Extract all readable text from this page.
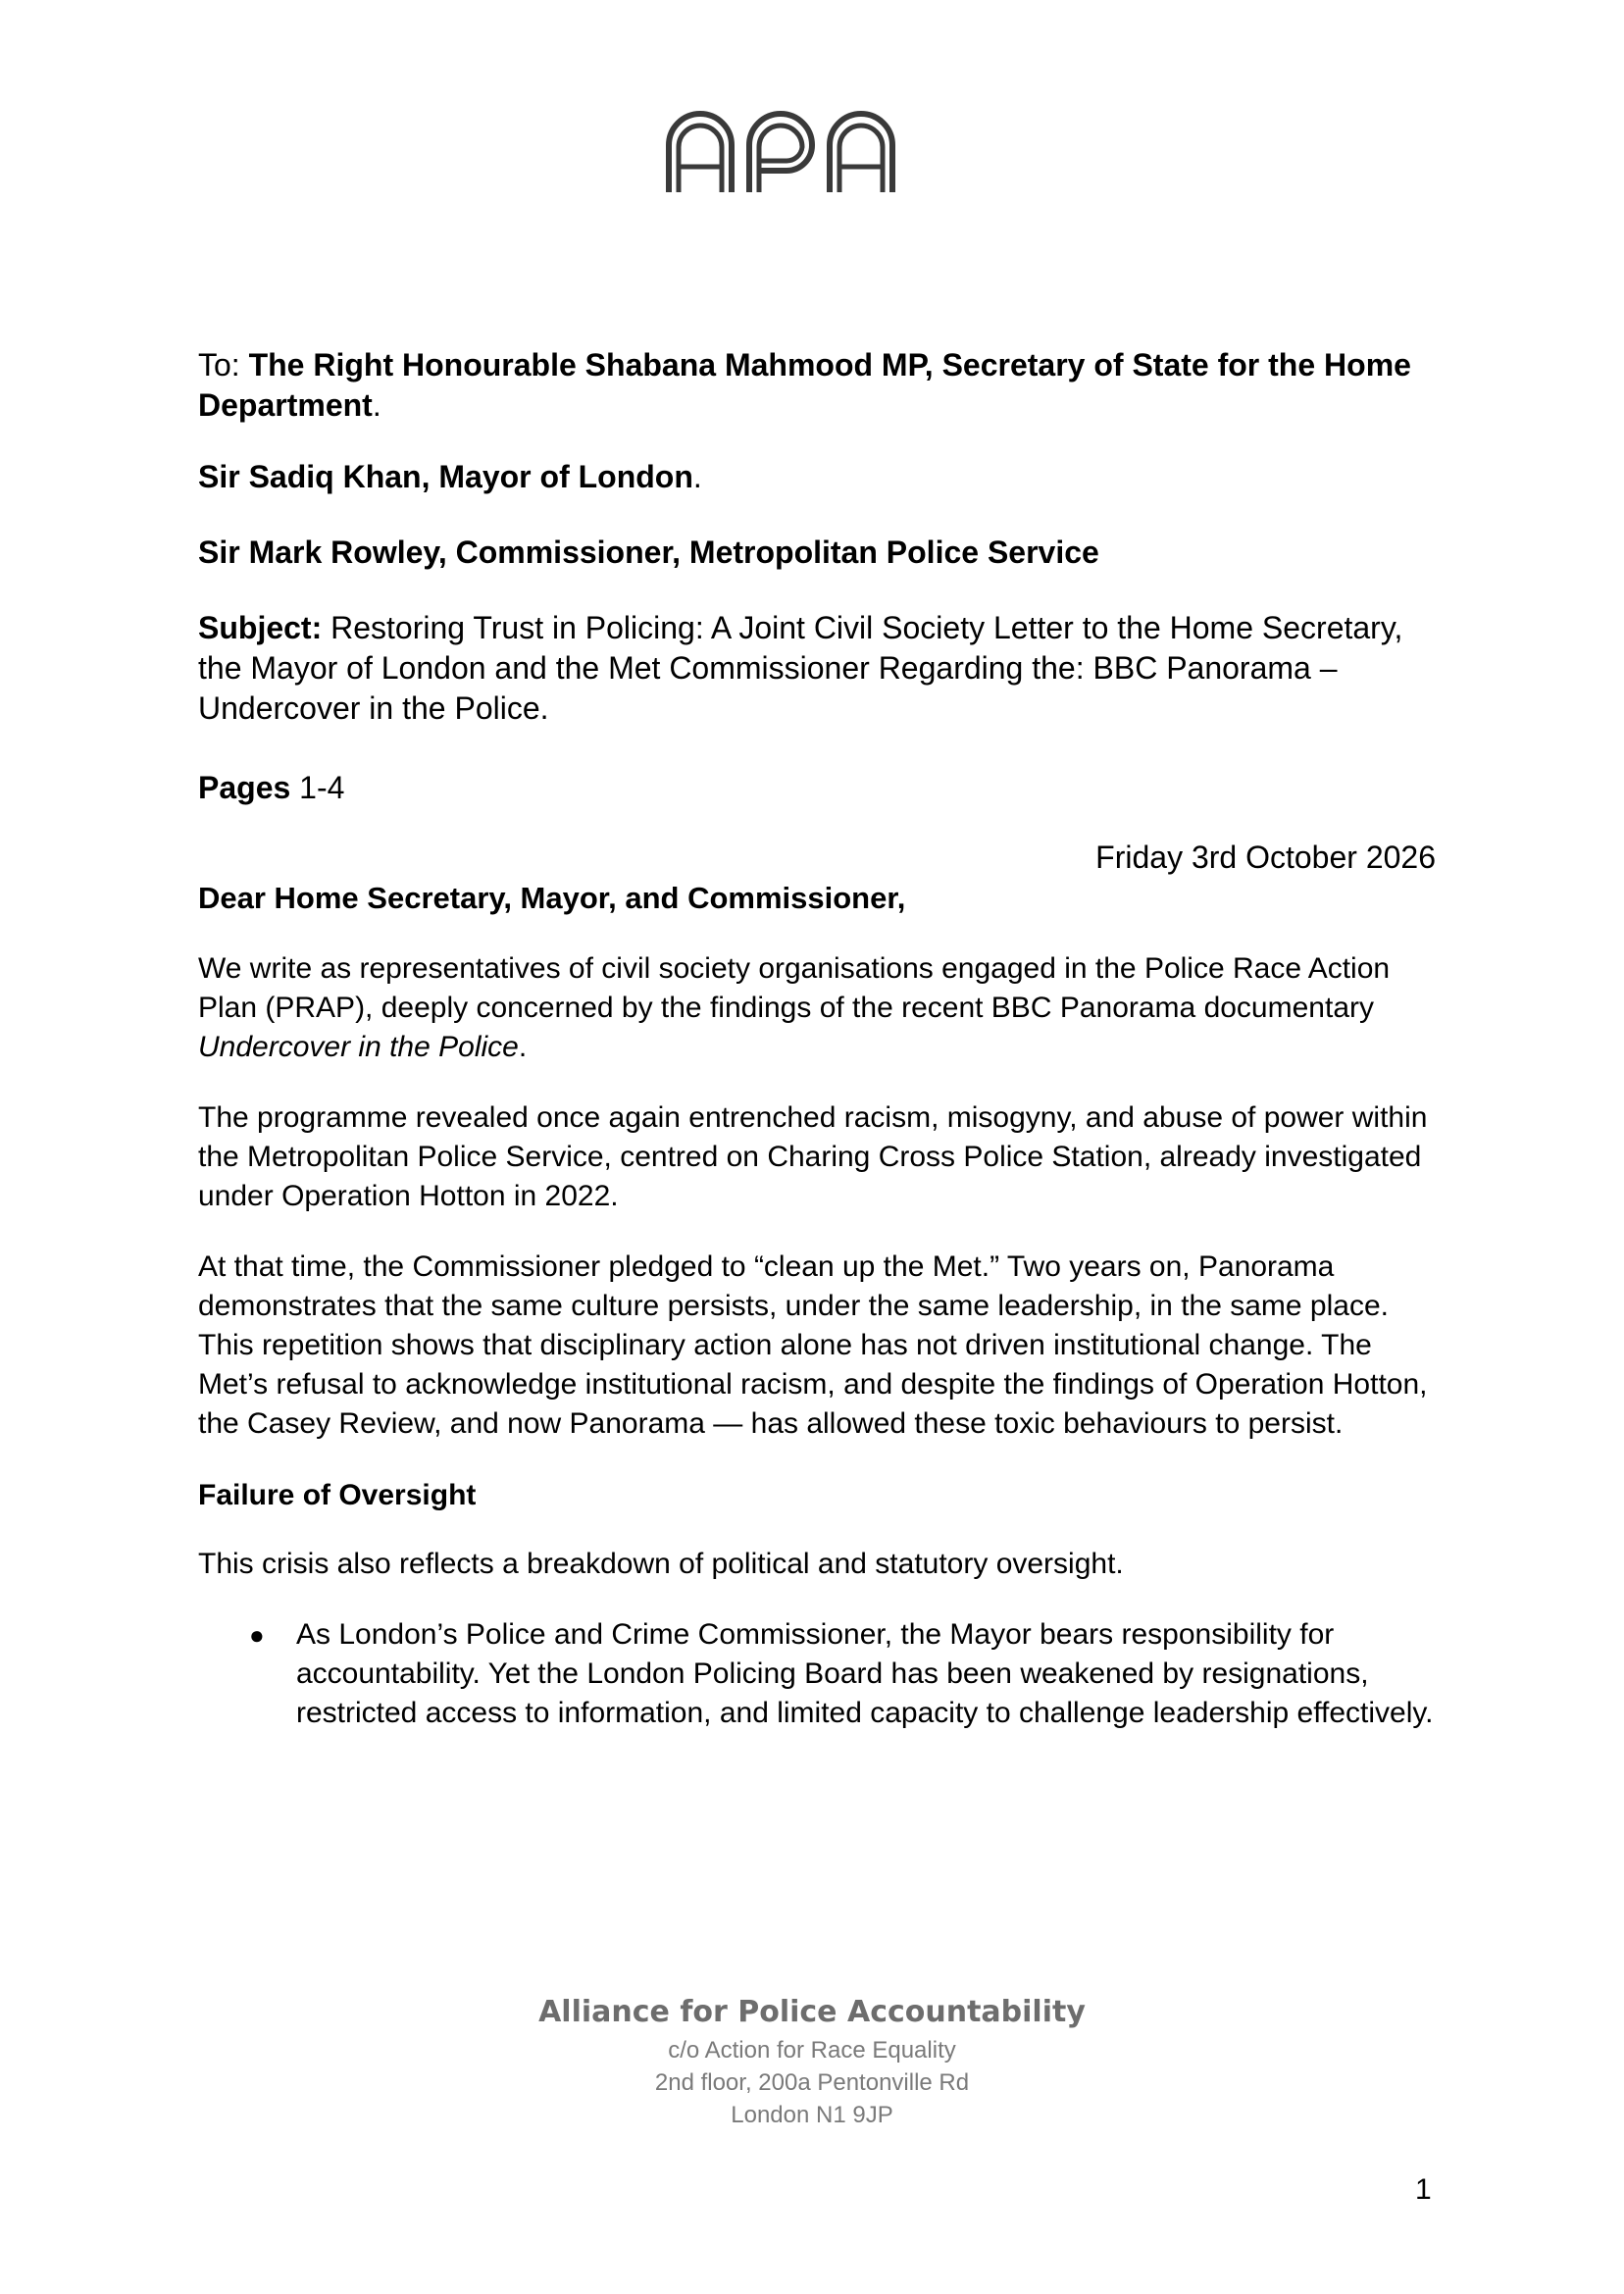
To: The Right Honourable Shabana Mahmood MP, Secretary of State for the Home Department.

Sir Sadiq Khan, Mayor of London.

Sir Mark Rowley, Commissioner, Metropolitan Police Service

Subject: Restoring Trust in Policing: A Joint Civil Society Letter to the Home Secretary, the Mayor of London and the Met Commissioner Regarding the: BBC Panorama – Undercover in the Police.

Pages 1-4

Friday 3rd October 2026

Dear Home Secretary, Mayor, and Commissioner,

We write as representatives of civil society organisations engaged in the Police Race Action Plan (PRAP), deeply concerned by the findings of the recent BBC Panorama documentary Undercover in the Police.

The programme revealed once again entrenched racism, misogyny, and abuse of power within the Metropolitan Police Service, centred on Charing Cross Police Station, already investigated under Operation Hotton in 2022.

At that time, the Commissioner pledged to “clean up the Met.” Two years on, Panorama demonstrates that the same culture persists, under the same leadership, in the same place. This repetition shows that disciplinary action alone has not driven institutional change. The Met’s refusal to acknowledge institutional racism, and despite the findings of Operation Hotton, the Casey Review, and now Panorama — has allowed these toxic behaviours to persist.

Failure of Oversight

This crisis also reflects a breakdown of political and statutory oversight.

● As London’s Police and Crime Commissioner, the Mayor bears responsibility for accountability. Yet the London Policing Board has been weakened by resignations, restricted access to information, and limited capacity to challenge leadership effectively.
Alliance for Police Accountability
c/o Action for Race Equality
2nd floor, 200a Pentonville Rd
London N1 9JP
1
